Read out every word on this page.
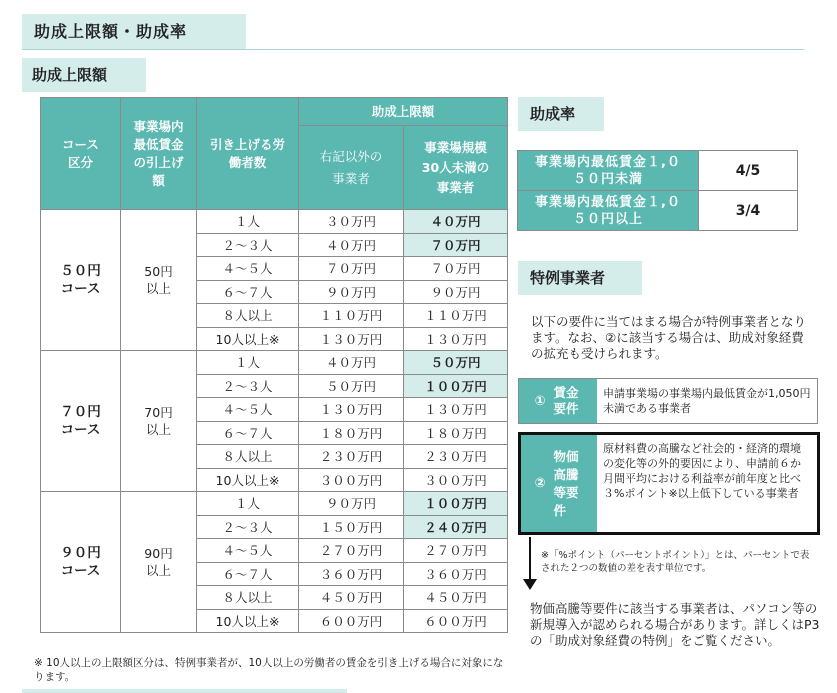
助成上限額・助成率
助成上限額
コース区分	事業場内最低賃金の引上げ額	引き上げる労働者数	助成上限額	
			右記以外の事業者	事業場規模30人未満の事業者

５０円コース	50円以上	１人	３０万円	４０万円
		２～３人	４０万円	７０万円
		４～５人	７０万円	７０万円
		６～７人	９０万円	９０万円
		８人以上	１１０万円	１１０万円
		10人以上※	１３０万円	１３０万円
７０円コース	70円以上	１人	４０万円	５０万円
		２～３人	５０万円	１００万円
		４～５人	１３０万円	１３０万円
		６～７人	１８０万円	１８０万円
		８人以上	２３０万円	２３０万円
		10人以上※	３００万円	３００万円
９０円コース	90円以上	１人	９０万円	１００万円
		２～３人	１５０万円	２４０万円
		４～５人	２７０万円	２７０万円
		６～７人	３６０万円	３６０万円
		８人以上	４５０万円	４５０万円
		10人以上※	６００万円	６００万円
助成率
事業場内最低賃金１,０５０円未満	4/5
事業場内最低賃金１,０５０円以上	3/4
特例事業者
以下の要件に当てはまる場合が特例事業者となります。なお、②に該当する場合は、助成対象経費の拡充も受けられます。
①
賃金要件
申請事業場の事業場内最低賃金が1,050円未満である事業者
②
物価高騰等要件
原材料費の高騰など社会的・経済的環境の変化等の外的要因により、申請前６か月間平均における利益率が前年度と比べ３%ポイント※以上低下している事業者
※「%ポイント（パーセントポイント）」とは、パーセントで表された２つの数値の差を表す単位です。
物価高騰等要件に該当する事業者は、パソコン等の新規導入が認められる場合があります。詳しくはP3の「助成対象経費の特例」をご覧ください。
※ 10人以上の上限額区分は、特例事業者が、10人以上の労働者の賃金を引き上げる場合に対象になります。
